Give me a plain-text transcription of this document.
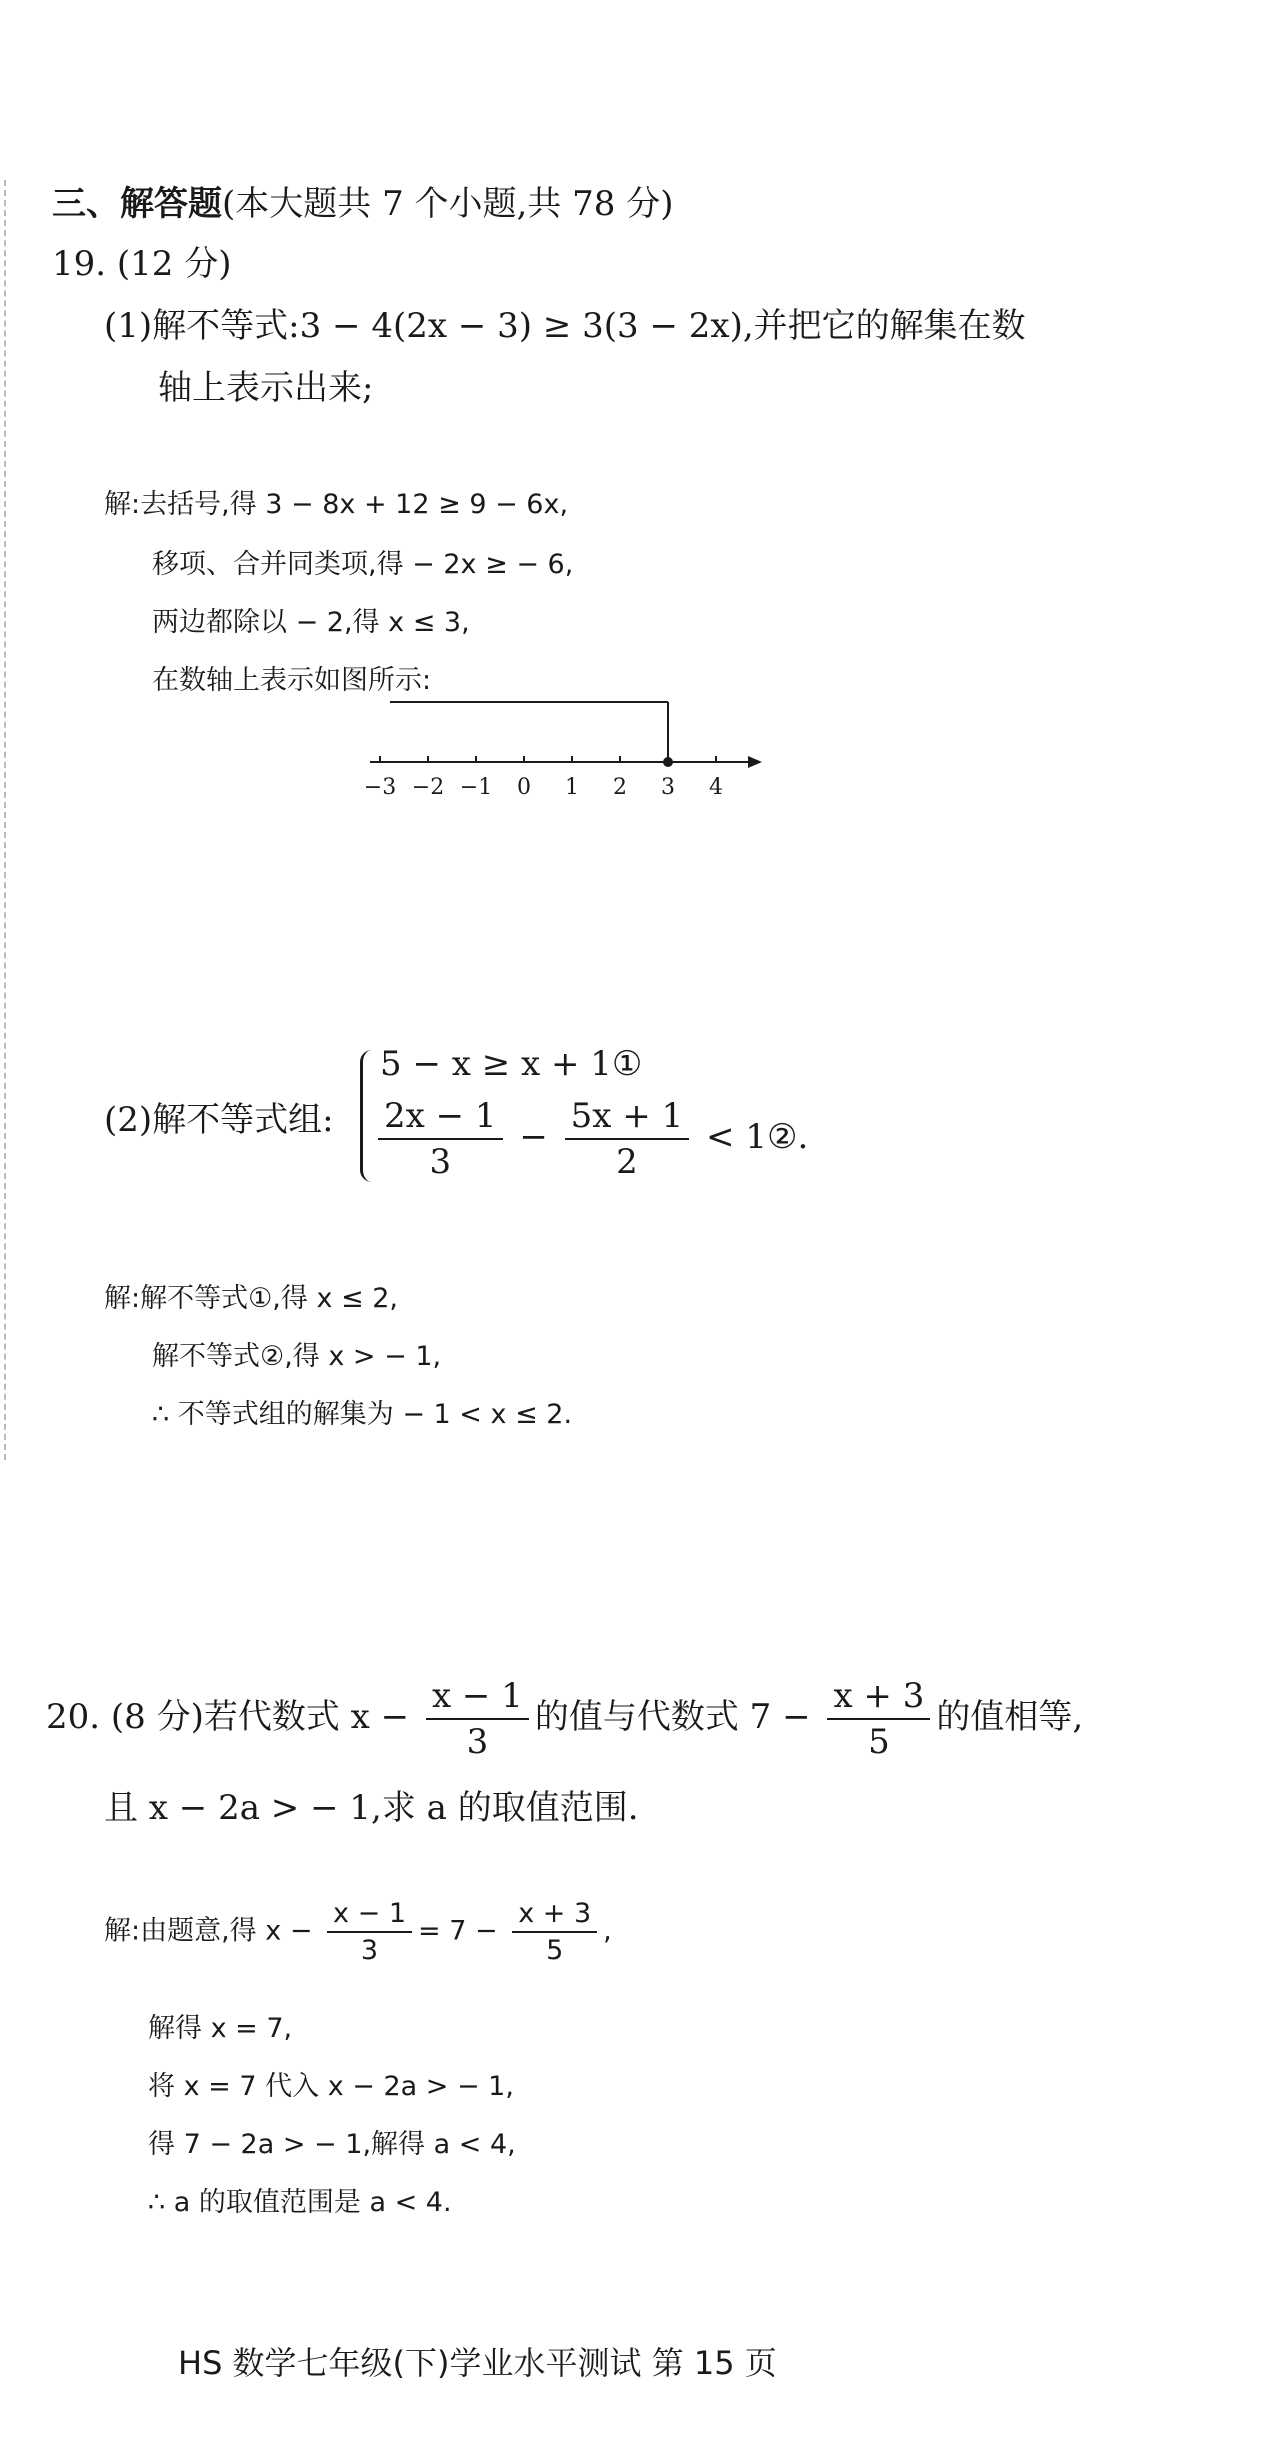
三、解答题(本大题共 7 个小题,共 78 分)
19. (12 分)
(1)解不等式:3 − 4(2x − 3) ≥ 3(3 − 2x),并把它的解集在数
轴上表示出来;
解:去括号,得 3 − 8x + 12 ≥ 9 − 6x,
移项、合并同类项,得 − 2x ≥ − 6,
两边都除以 − 2,得 x ≤ 3,
在数轴上表示如图所示:
−3 −2 −1 0 1 2 3 4
(2)解不等式组:
5 − x ≥ x + 1①
$\frac{2x - 1}{3} - \frac{5x + 1}{2}$ < 1②.
解:解不等式①,得 x ≤ 2,
解不等式②,得 x > − 1,
∴ 不等式组的解集为 − 1 < x ≤ 2.
20. (8 分)若代数式 $x - \frac{x - 1}{3}$ 的值与代数式 $7 - \frac{x + 3}{5}$ 的值相等,
且 x − 2a > − 1,求 a 的取值范围.
解:由题意,得 $x - \frac{x - 1}{3} = 7 - \frac{x + 3}{5}$ ,
解得 x = 7,
将 x = 7 代入 x − 2a > − 1,
得 7 − 2a > − 1,解得 a < 4,
∴ a 的取值范围是 a < 4.
HS 数学七年级(下)学业水平测试 第 15 页
